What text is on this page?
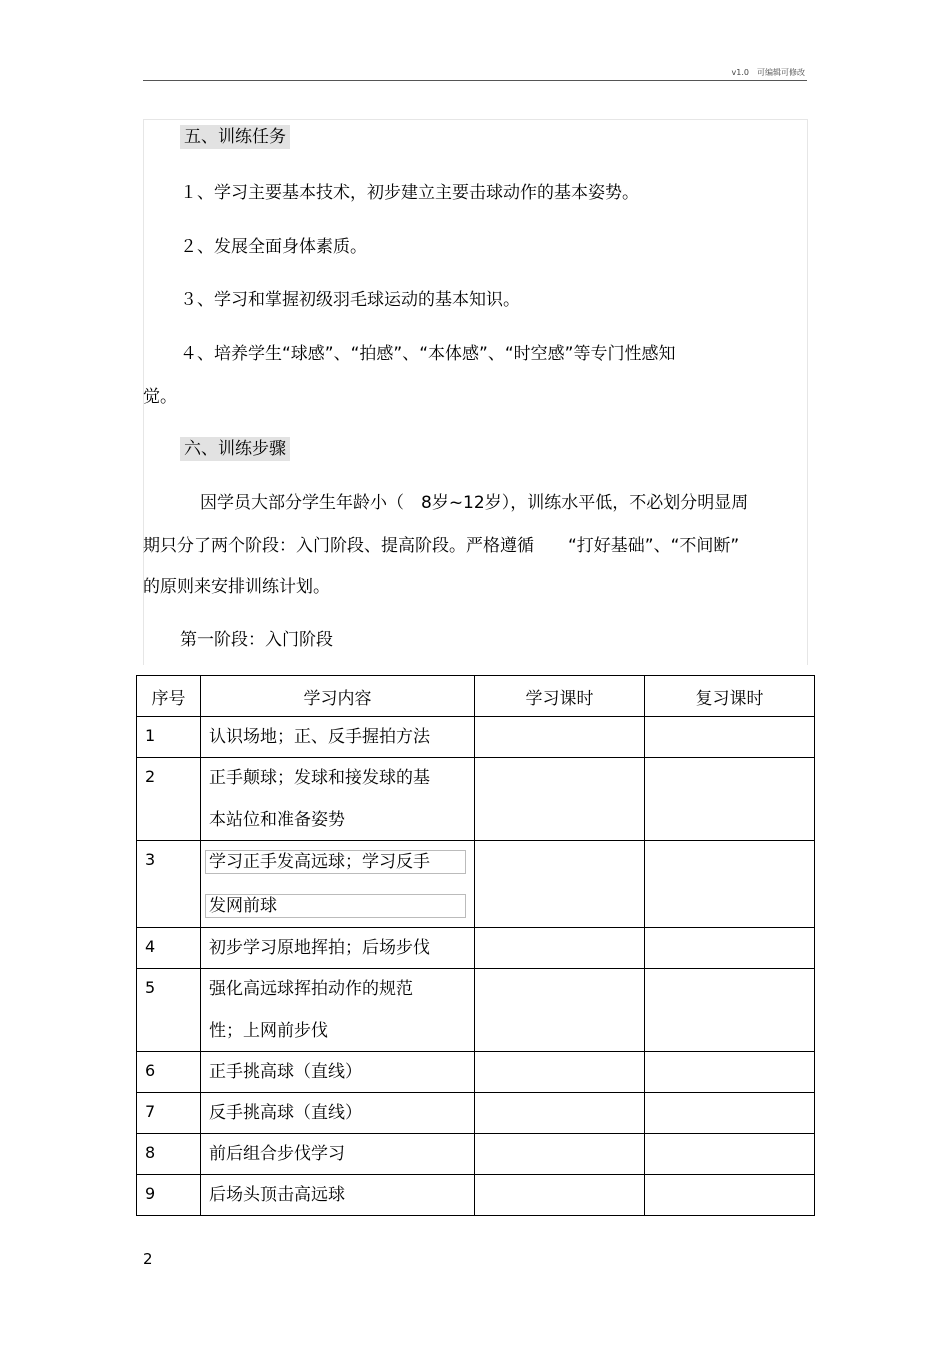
v1.0　可编辑可修改
五、训练任务
１、学习主要基本技术，初步建立主要击球动作的基本姿势。
２、发展全面身体素质。
３、学习和掌握初级羽毛球运动的基本知识。
４、培养学生“球感”、“拍感”、“本体感”、“时空感”等专门性感知
觉。
六、训练步骤
因学员大部分学生年龄小（　8岁~12岁），训练水平低，不必划分明显周
期只分了两个阶段：入门阶段、提高阶段。严格遵循　　“打好基础”、“不间断”
的原则来安排训练计划。
第一阶段：入门阶段
序号	学习内容	学习课时	复习课时
1	认识场地；正、反手握拍方法		

2	正手颠球；发球和接发球的基
本站位和准备姿势		

3	学习正手发高远球；学习反手
发网前球		

4	初步学习原地挥拍；后场步伐		

5	强化高远球挥拍动作的规范
性；上网前步伐		

6	正手挑高球（直线）		

7	反手挑高球（直线）		

8	前后组合步伐学习		

9	后场头顶击高远球		

2
